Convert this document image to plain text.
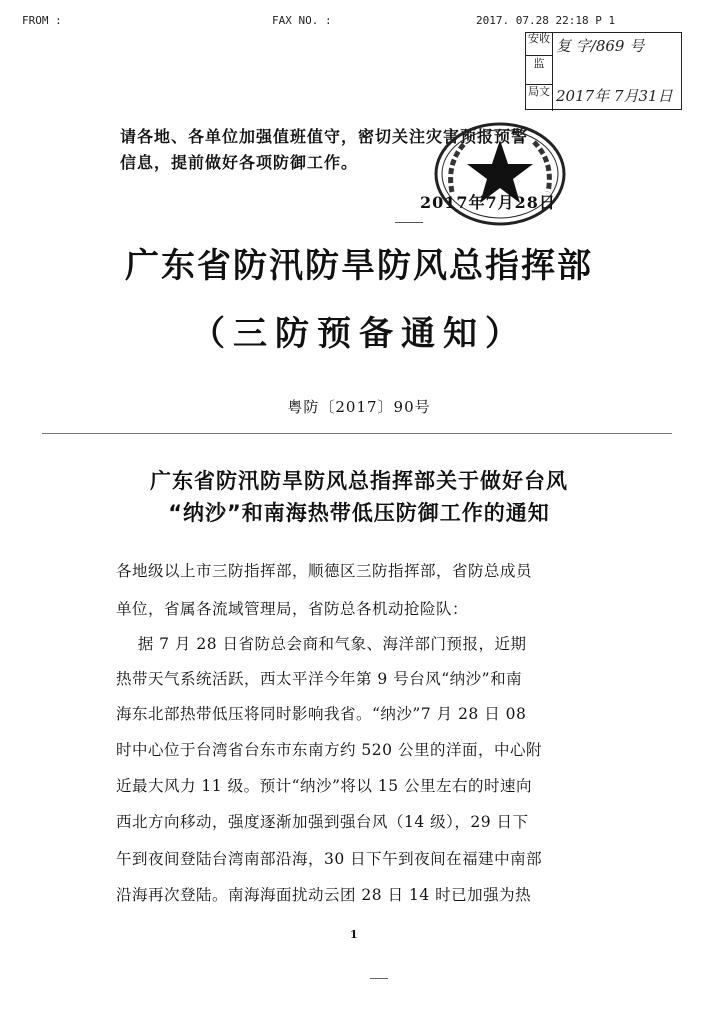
FROM :	FAX NO. :	2017. 07.28 22:18 P 1
安收
监
局文
复 字/869 号
2017年 7月31日
请各地、各单位加强值班值守，密切关注灾害预报预警
信息，提前做好各项防御工作。
2017年7月28日
广东省防汛防旱防风总指挥部
（三防预备通知）
粤防〔2017〕90号
广东省防汛防旱防风总指挥部关于做好台风
“纳沙”和南海热带低压防御工作的通知
各地级以上市三防指挥部，顺德区三防指挥部，省防总成员
单位，省属各流域管理局，省防总各机动抢险队：
据 7 月 28 日省防总会商和气象、海洋部门预报，近期
热带天气系统活跃，西太平洋今年第 9 号台风“纳沙”和南
海东北部热带低压将同时影响我省。“纳沙”7 月 28 日 08
时中心位于台湾省台东市东南方约 520 公里的洋面，中心附
近最大风力 11 级。预计“纳沙”将以 15 公里左右的时速向
西北方向移动，强度逐渐加强到强台风（14 级），29 日下
午到夜间登陆台湾南部沿海，30 日下午到夜间在福建中南部
沿海再次登陆。南海海面扰动云团 28 日 14 时已加强为热
1
